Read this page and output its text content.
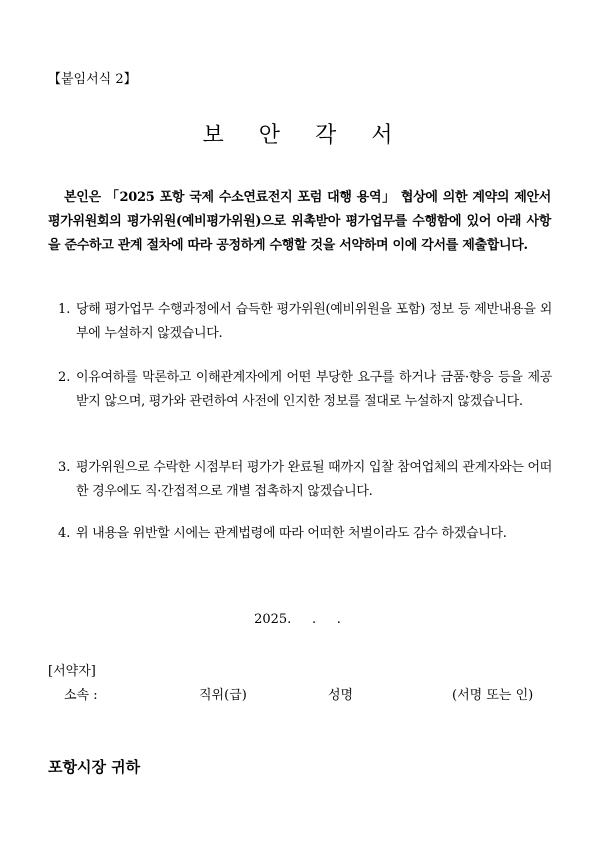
【붙임서식 2】
보 안 각 서
본인은 「2025 포항 국제 수소연료전지 포럼 대행 용역」 협상에 의한 계약의 제안서 평가위원회의 평가위원(예비평가위원)으로 위촉받아 평가업무를 수행함에 있어 아래 사항을 준수하고 관계 절차에 따라 공정하게 수행할 것을 서약하며 이에 각서를 제출합니다.
1. 당해 평가업무 수행과정에서 습득한 평가위원(예비위원을 포함) 정보 등 제반내용을 외부에 누설하지 않겠습니다.
2. 이유여하를 막론하고 이해관계자에게 어떤 부당한 요구를 하거나 금품·향응 등을 제공받지 않으며, 평가와 관련하여 사전에 인지한 정보를 절대로 누설하지 않겠습니다.
3. 평가위원으로 수락한 시점부터 평가가 완료될 때까지 입찰 참여업체의 관계자와는 어떠한 경우에도 직·간접적으로 개별 접촉하지 않겠습니다.
4. 위 내용을 위반할 시에는 관계법령에 따라 어떠한 처벌이라도 감수 하겠습니다.
2025.     .     .
[서약자]
소속 :	직위(급)	성명	(서명 또는 인)
포항시장 귀하
